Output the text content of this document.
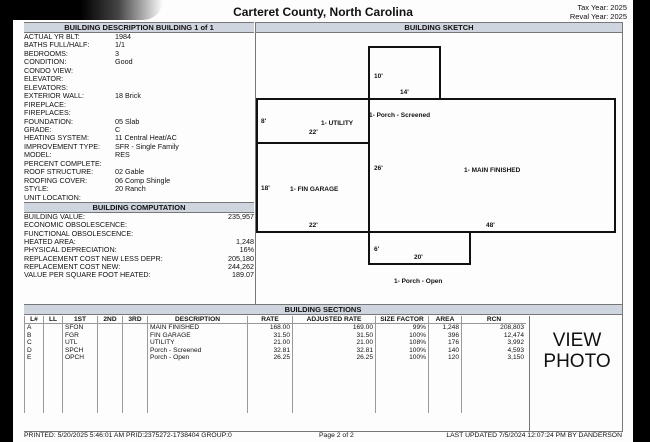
Carteret County, North Carolina	Tax Year: 2025
Reval Year: 2025
BUILDING DESCRIPTION BUILDING 1 of 1
ACTUAL YR BLT:	1984
BATHS FULL/HALF:	1/1
BEDROOMS:	3
CONDITION:	Good
CONDO VIEW:
ELEVATOR:
ELEVATORS:
EXTERIOR WALL:	18 Brick
FIREPLACE:
FIREPLACES:
FOUNDATION:	05 Slab
GRADE:	C
HEATING SYSTEM:	11 Central Heat/AC
IMPROVEMENT TYPE: SFR - Single Family
MODEL:	RES
PERCENT COMPLETE:
ROOF STRUCTURE:	02 Gable
ROOFING COVER:	06 Comp Shingle
STYLE:	20 Ranch
UNIT LOCATION:
BUILDING COMPUTATION
BUILDING VALUE:	235,957
ECONOMIC OBSOLESCENCE:
FUNCTIONAL OBSOLESCENCE:
HEATED AREA:	1,248
PHYSICAL DEPRECIATION:	16%
REPLACEMENT COST NEW LESS DEPR:	205,180
REPLACEMENT COST NEW:	244,262
VALUE PER SQUARE FOOT HEATED:	189.07
BUILDING SKETCH
10'
14'
8'
22'
26'
18'
22'	48'
6'
20'
1- Porch - Screened
1- UTILITY
1- MAIN FINISHED
1- FIN GARAGE
1- Porch - Open
BUILDING SECTIONS
L#	LL	1ST	2ND	3RD	DESCRIPTION	RATE	ADJUSTED RATE	SIZE FACTOR	AREA	RCN
A		SFON			MAIN FINISHED	168.00	169.00	99%	1,248	208,803
B		FGR			FIN GARAGE	31.50	31.50	100%	396	12,474
C		UTL			UTILITY	21.00	21.00	108%	176	3,992
D		SPCH			Porch - Screened	32.81	32.81	100%	140	4,593
E		OPCH			Porch - Open	26.25	26.25	100%	120	3,150

VIEW
PHOTO
PRINTED: 5/20/2025 5:46:01 AM PRID:2375272-1738404 GROUP:0	Page 2 of 2	LAST UPDATED 7/5/2024 12:07:24 PM BY DANDERSON
